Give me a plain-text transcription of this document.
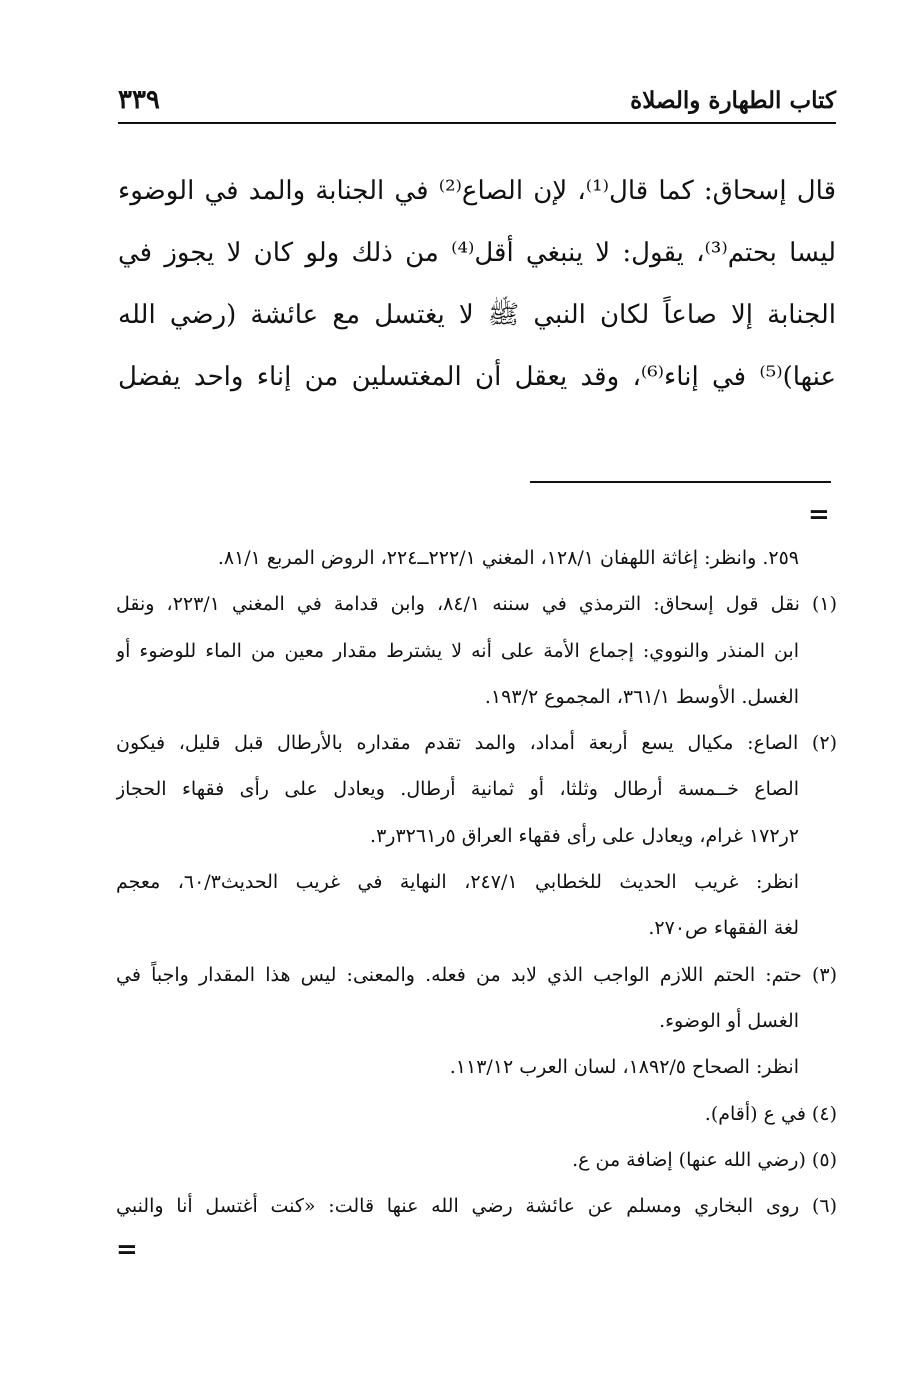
٣٣٩	كتاب الطهارة والصلاة
قال إسحاق: كما قال⁽¹⁾، لإن الصاع⁽²⁾ في الجنابة والمد في الوضوء
ليسا بحتم⁽³⁾، يقول: لا ينبغي أقل⁽⁴⁾ من ذلك ولو كان لا يجوز في
الجنابة إلا صاعاً لكان النبي ﷺ لا يغتسل مع عائشة (رضي الله
عنها)⁽⁵⁾ في إناء⁽⁶⁾، وقد يعقل أن المغتسلين من إناء واحد يفضل
=
٢٥٩. وانظر: إغاثة اللهفان ١٢٨/١، المغني ٢٢٢/١ــ٢٢٤، الروض المربع ٨١/١.
(١) نقل قول إسحاق: الترمذي في سننه ٨٤/١، وابن قدامة في المغني ٢٢٣/١، ونقل
ابن المنذر والنووي: إجماع الأمة على أنه لا يشترط مقدار معين من الماء للوضوء أو
الغسل. الأوسط ٣٦١/١، المجموع ١٩٣/٢.
(٢) الصاع: مكيال يسع أربعة أمداد، والمد تقدم مقداره بالأرطال قبل قليل، فيكون
الصاع خــمسة أرطال وثلثا، أو ثمانية أرطال. ويعادل على رأى فقهاء الحجاز
٢ر١٧٢ غرام، ويعادل على رأى فقهاء العراق ٥ر٣٢٦١ر٣.
انظر: غريب الحديث للخطابي ٢٤٧/١، النهاية في غريب الحديث٦٠/٣، معجم
لغة الفقهاء ص٢٧٠.
(٣) حتم: الحتم اللازم الواجب الذي لابد من فعله. والمعنى: ليس هذا المقدار واجباً في
الغسل أو الوضوء.
انظر: الصحاح ١٨٩٢/٥، لسان العرب ١١٣/١٢.
(٤) في ع (أقام).
(٥) (رضي الله عنها) إضافة من ع.
(٦) روى البخاري ومسلم عن عائشة رضي الله عنها قالت: «كنت أغتسل أنا والنبي
=
